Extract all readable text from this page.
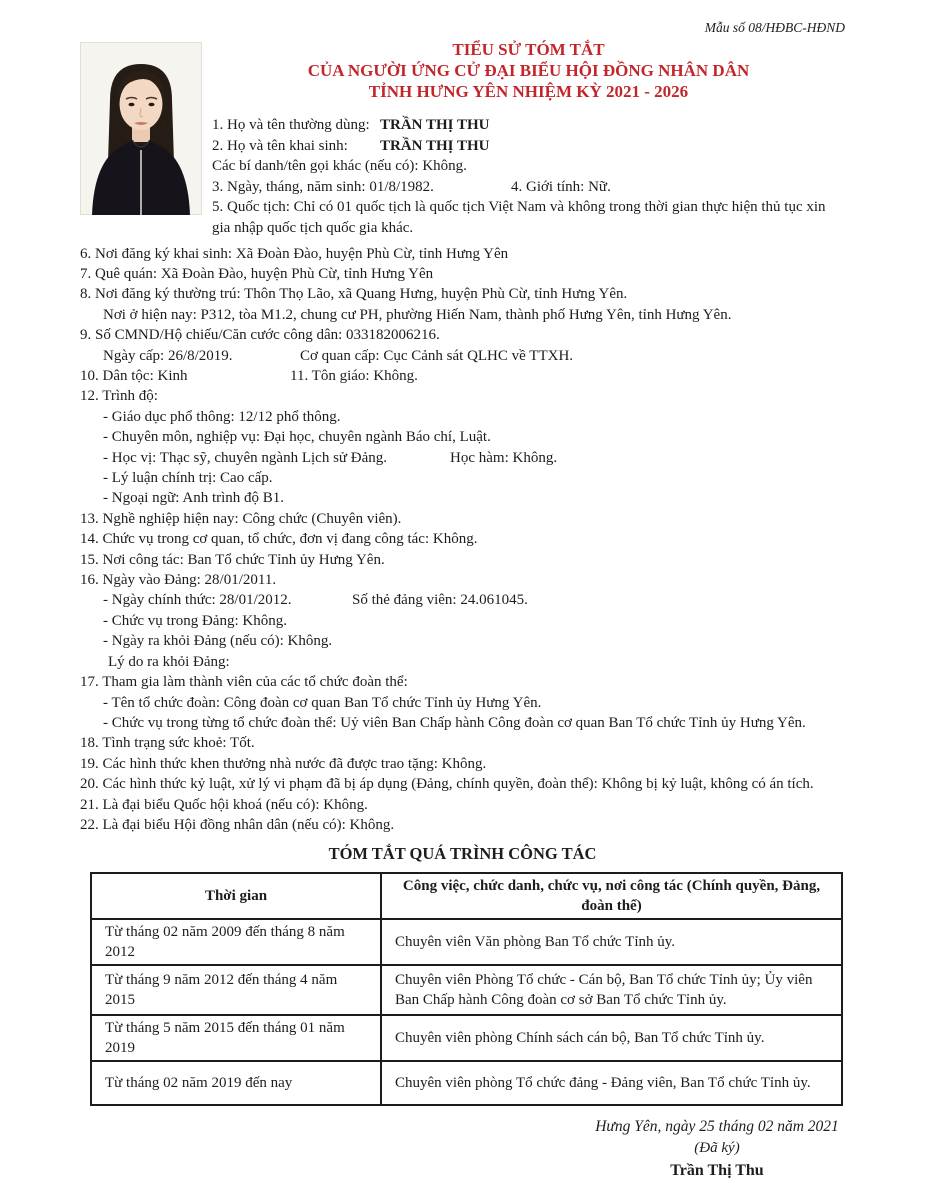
Mẫu số 08/HĐBC-HĐND
TIỂU SỬ TÓM TẮT
CỦA NGƯỜI ỨNG CỬ ĐẠI BIỂU HỘI ĐỒNG NHÂN DÂN
TỈNH HƯNG YÊN NHIỆM KỲ 2021 - 2026
1. Họ và tên thường dùng: TRẦN THỊ THU
2. Họ và tên khai sinh: TRẦN THỊ THU
Các bí danh/tên gọi khác (nếu có): Không.
3. Ngày, tháng, năm sinh: 01/8/1982.	4. Giới tính: Nữ.
5. Quốc tịch: Chỉ có 01 quốc tịch là quốc tịch Việt Nam và không trong thời gian thực hiện thủ tục xin gia nhập quốc tịch quốc gia khác.
6. Nơi đăng ký khai sinh: Xã Đoàn Đào, huyện Phù Cừ, tỉnh Hưng Yên
7. Quê quán: Xã Đoàn Đào, huyện Phù Cừ, tỉnh Hưng Yên
8. Nơi đăng ký thường trú: Thôn Thọ Lão, xã Quang Hưng, huyện Phù Cừ, tỉnh Hưng Yên.
Nơi ở hiện nay: P312, tòa M1.2, chung cư PH, phường Hiến Nam, thành phố Hưng Yên, tỉnh Hưng Yên.
9. Số CMND/Hộ chiếu/Căn cước công dân: 033182006216.
Ngày cấp: 26/8/2019.	Cơ quan cấp: Cục Cảnh sát QLHC về TTXH.
10. Dân tộc: Kinh	11. Tôn giáo: Không.
12. Trình độ:
- Giáo dục phổ thông: 12/12 phổ thông.
- Chuyên môn, nghiệp vụ: Đại học, chuyên ngành Báo chí, Luật.
- Học vị: Thạc sỹ, chuyên ngành Lịch sử Đảng.	Học hàm: Không.
- Lý luận chính trị: Cao cấp.
- Ngoại ngữ: Anh trình độ B1.
13. Nghề nghiệp hiện nay: Công chức (Chuyên viên).
14. Chức vụ trong cơ quan, tổ chức, đơn vị đang công tác: Không.
15. Nơi công tác: Ban Tổ chức Tỉnh ủy Hưng Yên.
16. Ngày vào Đảng: 28/01/2011.
- Ngày chính thức: 28/01/2012.	Số thẻ đảng viên: 24.061045.
- Chức vụ trong Đảng: Không.
- Ngày ra khỏi Đảng (nếu có): Không.
Lý do ra khỏi Đảng:
17. Tham gia làm thành viên của các tổ chức đoàn thể:
- Tên tổ chức đoàn: Công đoàn cơ quan Ban Tổ chức Tỉnh ủy Hưng Yên.
- Chức vụ trong từng tổ chức đoàn thể: Uỷ viên Ban Chấp hành Công đoàn cơ quan Ban Tổ chức Tỉnh ủy Hưng Yên.
18. Tình trạng sức khoẻ: Tốt.
19. Các hình thức khen thưởng nhà nước đã được trao tặng: Không.
20. Các hình thức kỷ luật, xử lý vi phạm đã bị áp dụng (Đảng, chính quyền, đoàn thể): Không bị kỷ luật, không có án tích.
21. Là đại biểu Quốc hội khoá (nếu có): Không.
22. Là đại biểu Hội đồng nhân dân (nếu có): Không.
TÓM TẮT QUÁ TRÌNH CÔNG TÁC
Thời gian	Công việc, chức danh, chức vụ, nơi công tác (Chính quyền, Đảng, đoàn thể)
Từ tháng 02 năm 2009 đến tháng 8 năm 2012	Chuyên viên Văn phòng Ban Tổ chức Tỉnh ủy.
Từ tháng 9 năm 2012 đến tháng 4 năm 2015	Chuyên viên Phòng Tổ chức - Cán bộ, Ban Tổ chức Tỉnh ủy; Ủy viên Ban Chấp hành Công đoàn cơ sở Ban Tổ chức Tỉnh ủy.
Từ tháng 5 năm 2015 đến tháng 01 năm 2019	Chuyên viên phòng Chính sách cán bộ, Ban Tổ chức Tỉnh ủy.
Từ tháng 02 năm 2019 đến nay	Chuyên viên phòng Tổ chức đảng - Đảng viên, Ban Tổ chức Tỉnh ủy.
Hưng Yên, ngày 25 tháng 02 năm 2021
(Đã ký)
Trần Thị Thu
